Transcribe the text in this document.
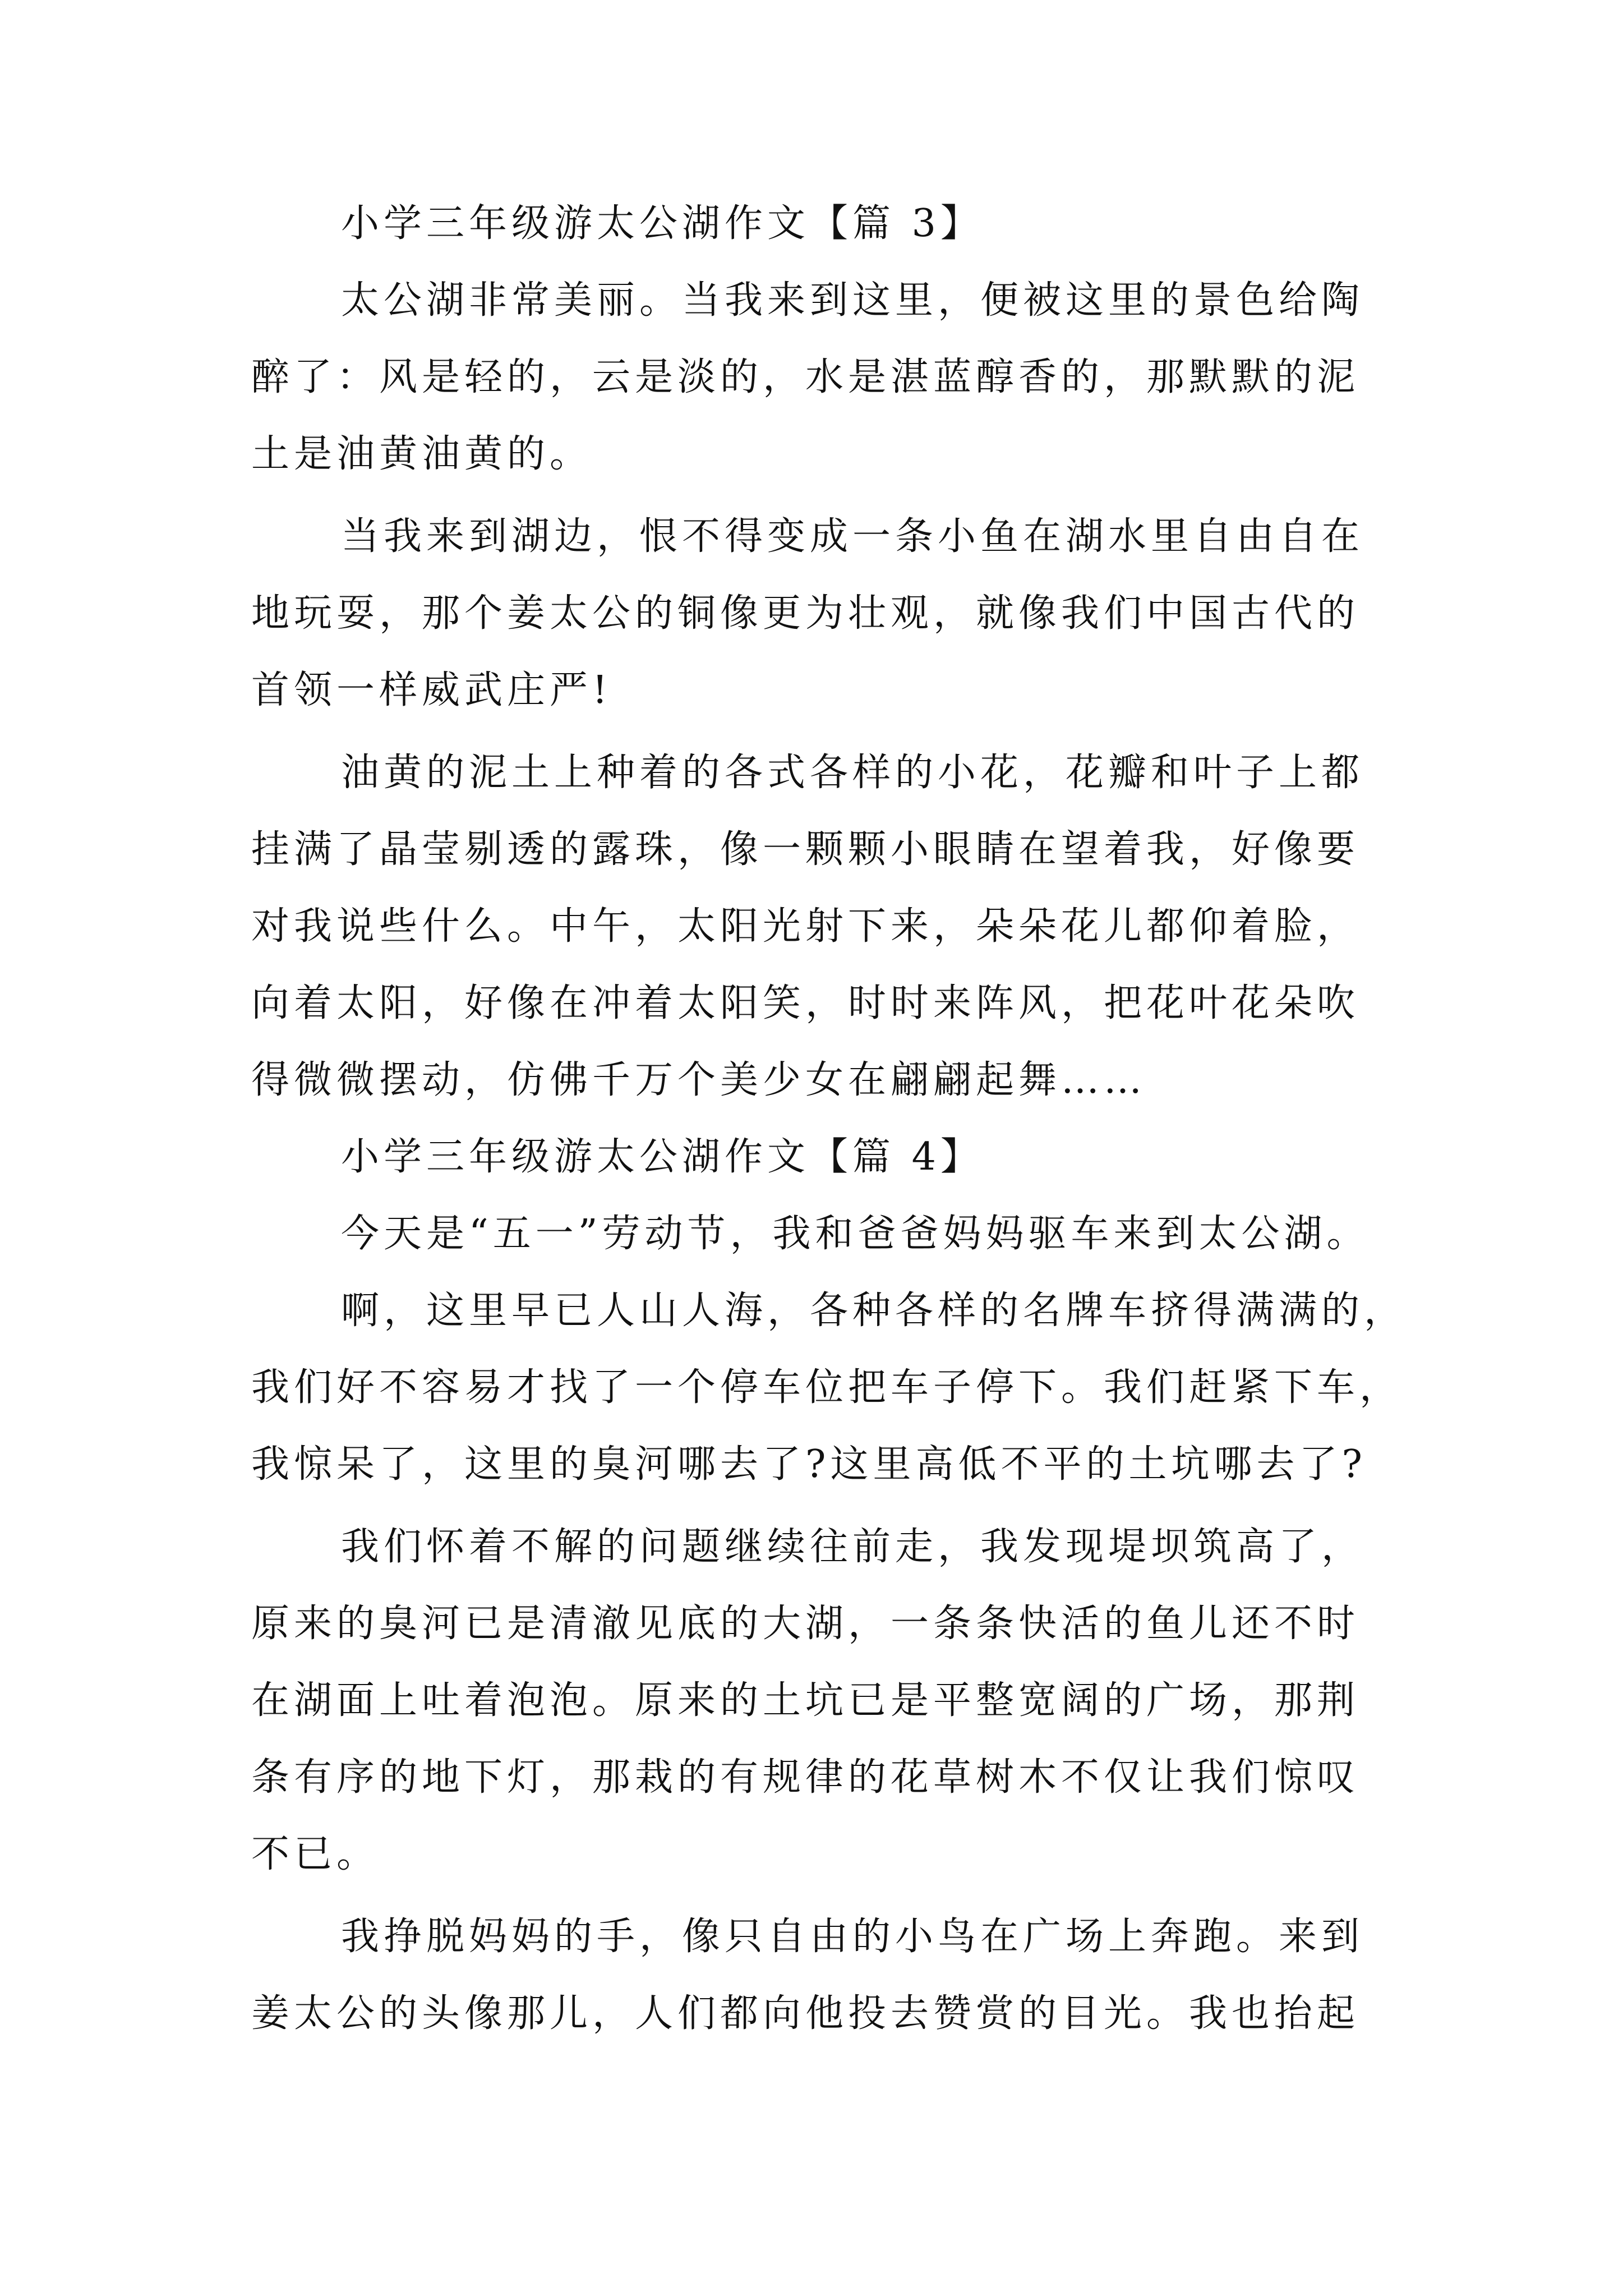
小学三年级游太公湖作文【篇 3】
太公湖非常美丽。当我来到这里，便被这里的景色给陶
醉了：风是轻的，云是淡的，水是湛蓝醇香的，那默默的泥
土是油黄油黄的。
当我来到湖边，恨不得变成一条小鱼在湖水里自由自在
地玩耍，那个姜太公的铜像更为壮观，就像我们中国古代的
首领一样威武庄严!
油黄的泥土上种着的各式各样的小花，花瓣和叶子上都
挂满了晶莹剔透的露珠，像一颗颗小眼睛在望着我，好像要
对我说些什么。中午，太阳光射下来，朵朵花儿都仰着脸，
向着太阳，好像在冲着太阳笑，时时来阵风，把花叶花朵吹
得微微摆动，仿佛千万个美少女在翩翩起舞……
小学三年级游太公湖作文【篇 4】
今天是“五一”劳动节，我和爸爸妈妈驱车来到太公湖。
啊，这里早已人山人海，各种各样的名牌车挤得满满的，
我们好不容易才找了一个停车位把车子停下。我们赶紧下车，
我惊呆了，这里的臭河哪去了?这里高低不平的土坑哪去了?
我们怀着不解的问题继续往前走，我发现堤坝筑高了，
原来的臭河已是清澈见底的大湖，一条条快活的鱼儿还不时
在湖面上吐着泡泡。原来的土坑已是平整宽阔的广场，那荆
条有序的地下灯，那栽的有规律的花草树木不仅让我们惊叹
不已。
我挣脱妈妈的手，像只自由的小鸟在广场上奔跑。来到
姜太公的头像那儿，人们都向他投去赞赏的目光。我也抬起
